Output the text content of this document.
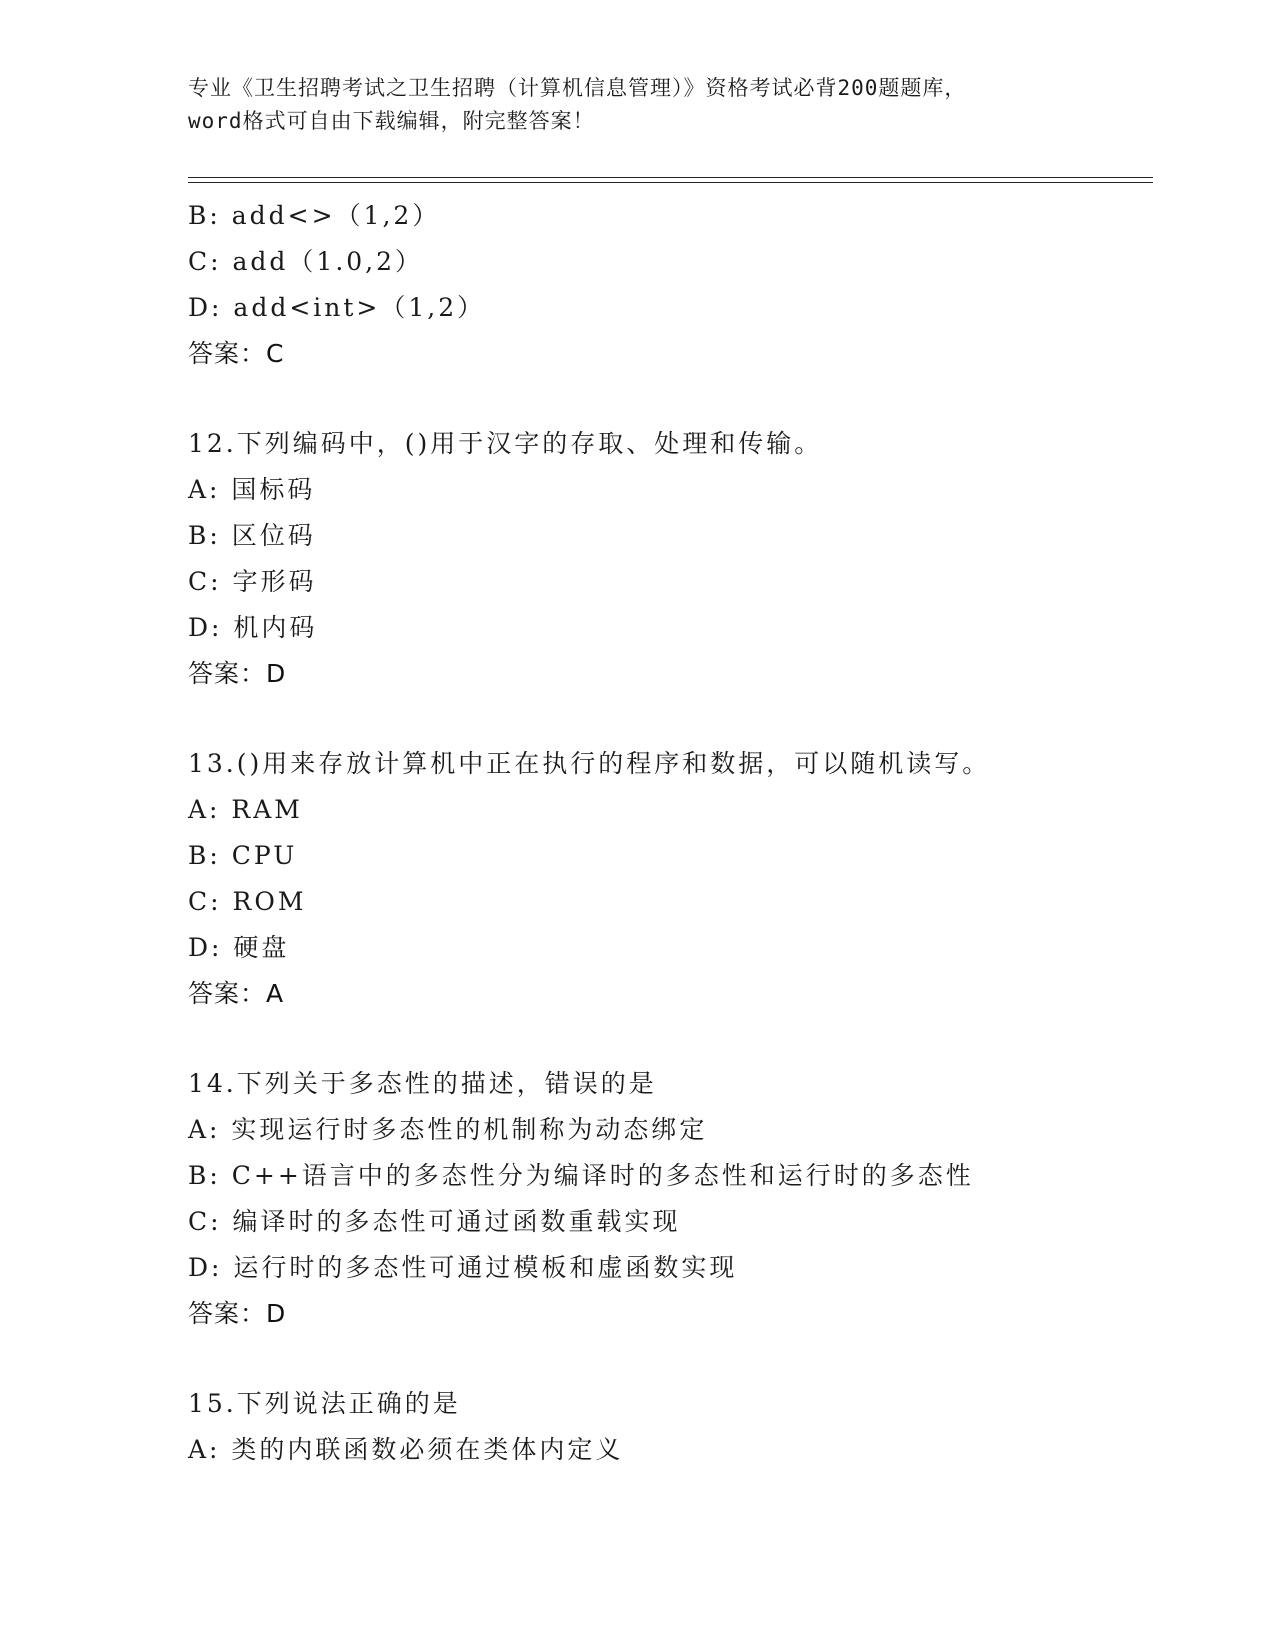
专业《卫生招聘考试之卫生招聘（计算机信息管理）》资格考试必背200题题库，
word格式可自由下载编辑，附完整答案！
B: add<>（1,2）
C: add（1.0,2）
D: add<int>（1,2）
答案：C
12.下列编码中，()用于汉字的存取、处理和传输。
A: 国标码
B: 区位码
C: 字形码
D: 机内码
答案：D
13.()用来存放计算机中正在执行的程序和数据，可以随机读写。
A: RAM
B: CPU
C: ROM
D: 硬盘
答案：A
14.下列关于多态性的描述，错误的是
A: 实现运行时多态性的机制称为动态绑定
B: C++语言中的多态性分为编译时的多态性和运行时的多态性
C: 编译时的多态性可通过函数重载实现
D: 运行时的多态性可通过模板和虚函数实现
答案：D
15.下列说法正确的是
A: 类的内联函数必须在类体内定义
